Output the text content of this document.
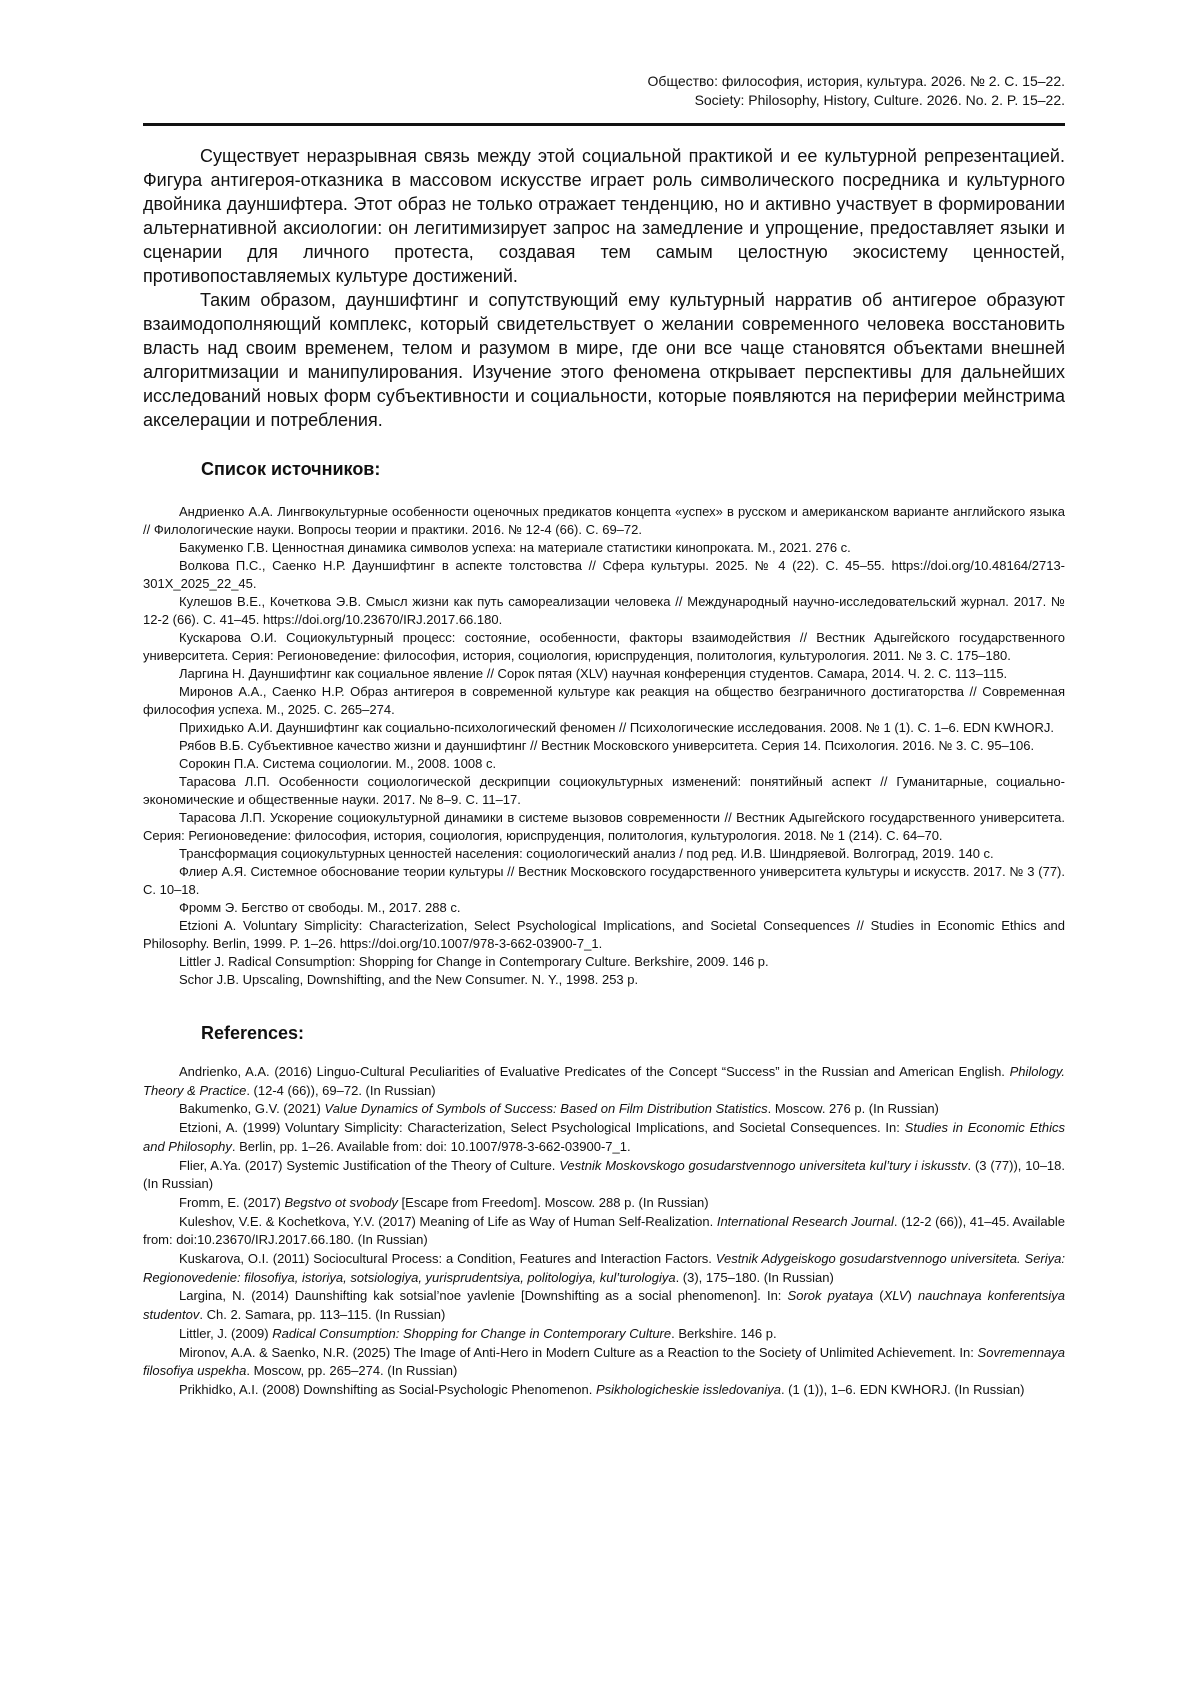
Общество: философия, история, культура. 2026. № 2. С. 15–22.
Society: Philosophy, History, Culture. 2026. No. 2. P. 15–22.

Существует неразрывная связь между этой социальной практикой и ее культурной репрезентацией. Фигура антигероя-отказника в массовом искусстве играет роль символического посредника и культурного двойника дауншифтера. Этот образ не только отражает тенденцию, но и активно участвует в формировании альтернативной аксиологии: он легитимизирует запрос на замедление и упрощение, предоставляет языки и сценарии для личного протеста, создавая тем самым целостную экосистему ценностей, противопоставляемых культуре достижений.

Таким образом, дауншифтинг и сопутствующий ему культурный нарратив об антигерое образуют взаимодополняющий комплекс, который свидетельствует о желании современного человека восстановить власть над своим временем, телом и разумом в мире, где они все чаще становятся объектами внешней алгоритмизации и манипулирования. Изучение этого феномена открывает перспективы для дальнейших исследований новых форм субъективности и социальности, которые появляются на периферии мейнстрима акселерации и потребления.

Список источников:
Андриенко А.А. Лингвокультурные особенности оценочных предикатов концепта «успех» в русском и американском варианте английского языка // Филологические науки. Вопросы теории и практики. 2016. № 12-4 (66). С. 69–72.
Бакуменко Г.В. Ценностная динамика символов успеха: на материале статистики кинопроката. М., 2021. 276 с.
Волкова П.С., Саенко Н.Р. Дауншифтинг в аспекте толстовства // Сфера культуры. 2025. № 4 (22). С. 45–55. https://doi.org/10.48164/2713-301X_2025_22_45.
Кулешов В.Е., Кочеткова Э.В. Смысл жизни как путь самореализации человека // Международный научно-исследовательский журнал. 2017. № 12-2 (66). С. 41–45. https://doi.org/10.23670/IRJ.2017.66.180.
Кускарова О.И. Социокультурный процесс: состояние, особенности, факторы взаимодействия // Вестник Адыгейского государственного университета. Серия: Регионоведение: философия, история, социология, юриспруденция, политология, культурология. 2011. № 3. С. 175–180.
Ларгина Н. Дауншифтинг как социальное явление // Сорок пятая (XLV) научная конференция студентов. Самара, 2014. Ч. 2. С. 113–115.
Миронов А.А., Саенко Н.Р. Образ антигероя в современной культуре как реакция на общество безграничного достигаторства // Современная философия успеха. М., 2025. С. 265–274.
Прихидько А.И. Дауншифтинг как социально-психологический феномен // Психологические исследования. 2008. № 1 (1). С. 1–6. EDN KWHORJ.
Рябов В.Б. Субъективное качество жизни и дауншифтинг // Вестник Московского университета. Серия 14. Психология. 2016. № 3. С. 95–106.
Сорокин П.А. Система социологии. М., 2008. 1008 с.
Тарасова Л.П. Особенности социологической дескрипции социокультурных изменений: понятийный аспект // Гуманитарные, социально-экономические и общественные науки. 2017. № 8–9. С. 11–17.
Тарасова Л.П. Ускорение социокультурной динамики в системе вызовов современности // Вестник Адыгейского государственного университета. Серия: Регионоведение: философия, история, социология, юриспруденция, политология, культурология. 2018. № 1 (214). С. 64–70.
Трансформация социокультурных ценностей населения: социологический анализ / под ред. И.В. Шиндряевой. Волгоград, 2019. 140 с.
Флиер А.Я. Системное обоснование теории культуры // Вестник Московского государственного университета культуры и искусств. 2017. № 3 (77). С. 10–18.
Фромм Э. Бегство от свободы. М., 2017. 288 с.
Etzioni A. Voluntary Simplicity: Characterization, Select Psychological Implications, and Societal Consequences // Studies in Economic Ethics and Philosophy. Berlin, 1999. P. 1–26. https://doi.org/10.1007/978-3-662-03900-7_1.
Littler J. Radical Consumption: Shopping for Change in Contemporary Culture. Berkshire, 2009. 146 p.
Schor J.B. Upscaling, Downshifting, and the New Consumer. N. Y., 1998. 253 p.
References:
Andrienko, A.A. (2016) Linguo-Cultural Peculiarities of Evaluative Predicates of the Concept “Success” in the Russian and American English. Philology. Theory & Practice. (12-4 (66)), 69–72. (In Russian)
Bakumenko, G.V. (2021) Value Dynamics of Symbols of Success: Based on Film Distribution Statistics. Moscow. 276 p. (In Russian)
Etzioni, A. (1999) Voluntary Simplicity: Characterization, Select Psychological Implications, and Societal Consequences. In: Studies in Economic Ethics and Philosophy. Berlin, pp. 1–26. Available from: doi: 10.1007/978-3-662-03900-7_1.
Flier, A.Ya. (2017) Systemic Justification of the Theory of Culture. Vestnik Moskovskogo gosudarstvennogo universiteta kul’tury i iskusstv. (3 (77)), 10–18. (In Russian)
Fromm, E. (2017) Begstvo ot svobody [Escape from Freedom]. Moscow. 288 p. (In Russian)
Kuleshov, V.E. & Kochetkova, Y.V. (2017) Meaning of Life as Way of Human Self-Realization. International Research Journal. (12-2 (66)), 41–45. Available from: doi:10.23670/IRJ.2017.66.180. (In Russian)
Kuskarova, O.I. (2011) Sociocultural Process: a Condition, Features and Interaction Factors. Vestnik Adygeiskogo gosudarstvennogo universiteta. Seriya: Regionovedenie: filosofiya, istoriya, sotsiologiya, yurisprudentsiya, politologiya, kul’turologiya. (3), 175–180. (In Russian)
Largina, N. (2014) Daunshifting kak sotsial’noe yavlenie [Downshifting as a social phenomenon]. In: Sorok pyataya (XLV) nauchnaya konferentsiya studentov. Ch. 2. Samara, pp. 113–115. (In Russian)
Littler, J. (2009) Radical Consumption: Shopping for Change in Contemporary Culture. Berkshire. 146 p.
Mironov, A.A. & Saenko, N.R. (2025) The Image of Anti-Hero in Modern Culture as a Reaction to the Society of Unlimited Achievement. In: Sovremennaya filosofiya uspekha. Moscow, pp. 265–274. (In Russian)
Prikhidko, A.I. (2008) Downshifting as Social-Psychologic Phenomenon. Psikhologicheskie issledovaniya. (1 (1)), 1–6. EDN KWHORJ. (In Russian)
